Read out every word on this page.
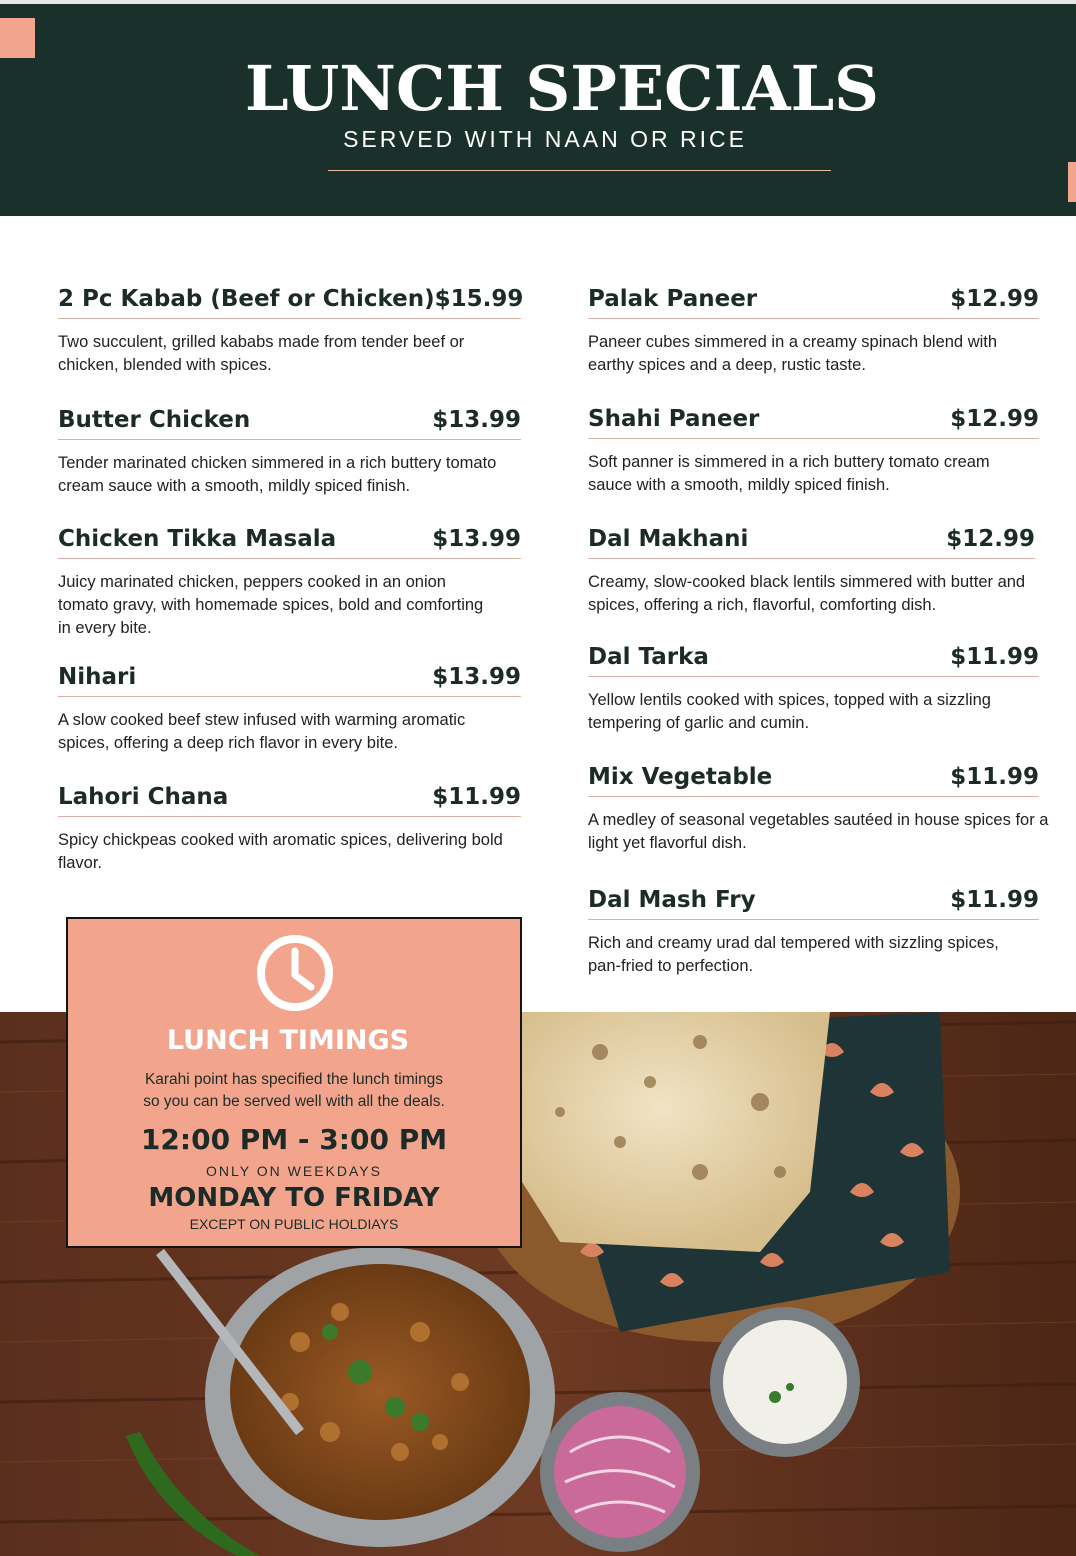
LUNCH SPECIALS
SERVED WITH NAAN OR RICE
2 Pc Kabab (Beef or Chicken) $15.99
Two succulent, grilled kababs made from tender beef or chicken, blended with spices.
Butter Chicken	$13.99
Tender marinated chicken simmered in a rich buttery tomato cream sauce with a smooth, mildly spiced finish.
Chicken Tikka Masala	$13.99
Juicy marinated chicken, peppers cooked in an onion tomato gravy, with homemade spices, bold and comforting in every bite.
Nihari	$13.99
A slow cooked beef stew infused with warming aromatic spices, offering a deep rich flavor in every bite.
Lahori Chana	$11.99
Spicy chickpeas cooked with aromatic spices, delivering bold flavor.
Palak Paneer	$12.99
Paneer cubes simmered in a creamy spinach blend with earthy spices and a deep, rustic taste.
Shahi Paneer	$12.99
Soft panner is simmered in a rich buttery tomato cream sauce with a smooth, mildly spiced finish.
Dal Makhani	$12.99
Creamy, slow-cooked black lentils simmered with butter and spices, offering a rich, flavorful, comforting dish.
Dal Tarka	$11.99
Yellow lentils cooked with spices, topped with a sizzling tempering of garlic and cumin.
Mix Vegetable	$11.99
A medley of seasonal vegetables sautéed in house spices for a light yet flavorful dish.
Dal Mash Fry	$11.99
Rich and creamy urad dal tempered with sizzling spices, pan-fried to perfection.
LUNCH TIMINGS
Karahi point has specified the lunch timings
so you can be served well with all the deals.
12:00 PM - 3:00 PM
ONLY ON WEEKDAYS
MONDAY TO FRIDAY
EXCEPT ON PUBLIC HOLDIAYS
